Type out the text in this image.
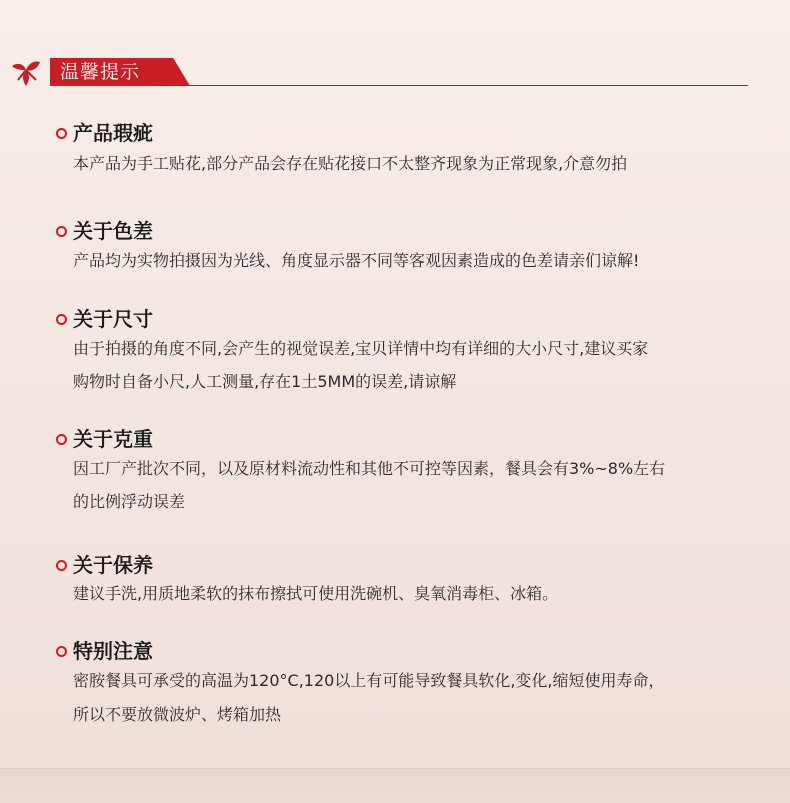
温馨提示
产品瑕疵
本产品为手工贴花,部分产品会存在贴花接口不太整齐现象为正常现象,介意勿拍
关于色差
产品均为实物拍摄因为光线、角度显示器不同等客观因素造成的色差请亲们谅解!
关于尺寸
由于拍摄的角度不同,会产生的视觉误差,宝贝详情中均有详细的大小尺寸,建议买家
购物时自备小尺,人工测量,存在1土5MM的误差,请谅解
关于克重
因工厂产批次不同，以及原材料流动性和其他不可控等因素，餐具会有3%~8%左右
的比例浮动误差
关于保养
建议手洗,用质地柔软的抹布擦拭可使用洗碗机、臭氧消毒柜、冰箱。
特别注意
密胺餐具可承受的高温为120°C,120以上有可能导致餐具软化,变化,缩短使用寿命，
所以不要放微波炉、烤箱加热
